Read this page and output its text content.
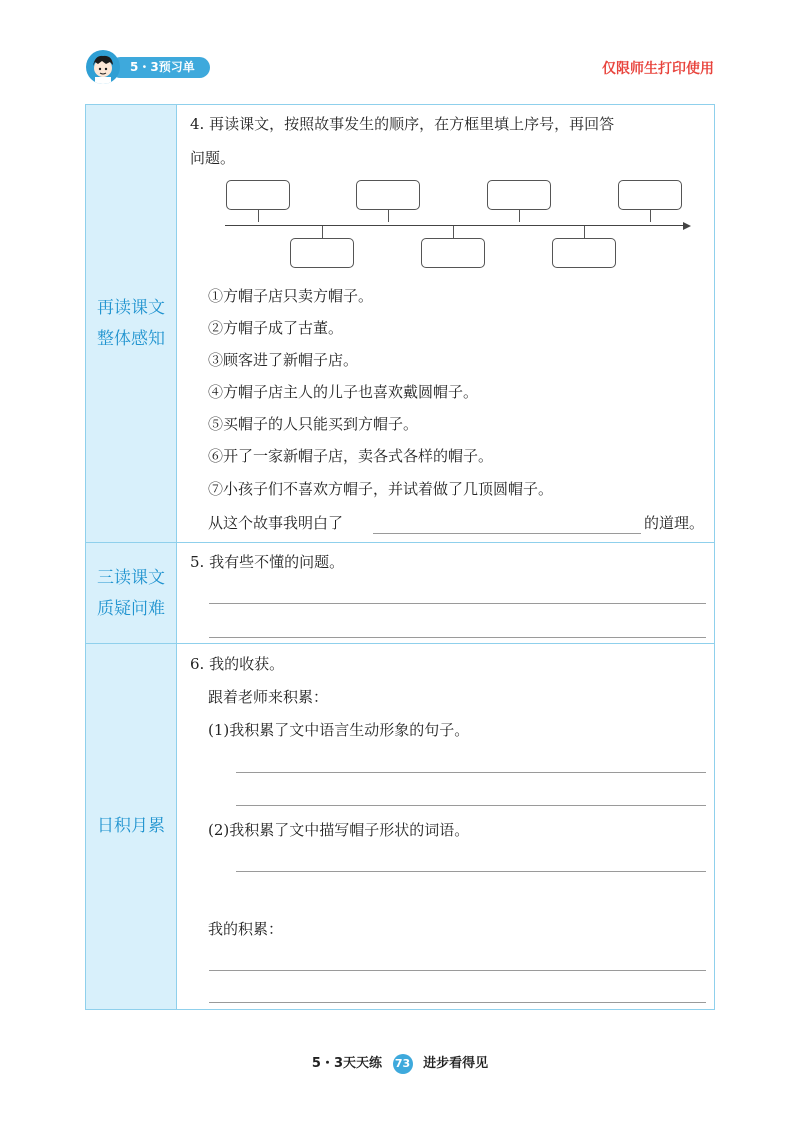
5・3预习单	仅限师生打印使用
再读课文
整体感知
三读课文
质疑问难
日积月累
4. 再读课文，按照故事发生的顺序，在方框里填上序号，再回答
问题。
①方帽子店只卖方帽子。
②方帽子成了古董。
③顾客进了新帽子店。
④方帽子店主人的儿子也喜欢戴圆帽子。
⑤买帽子的人只能买到方帽子。
⑥开了一家新帽子店，卖各式各样的帽子。
⑦小孩子们不喜欢方帽子，并试着做了几顶圆帽子。
从这个故事我明白了	的道理。
5. 我有些不懂的问题。
6. 我的收获。
跟着老师来积累：
(1)我积累了文中语言生动形象的句子。
(2)我积累了文中描写帽子形状的词语。
我的积累：
5・3天天练 73 进步看得见
